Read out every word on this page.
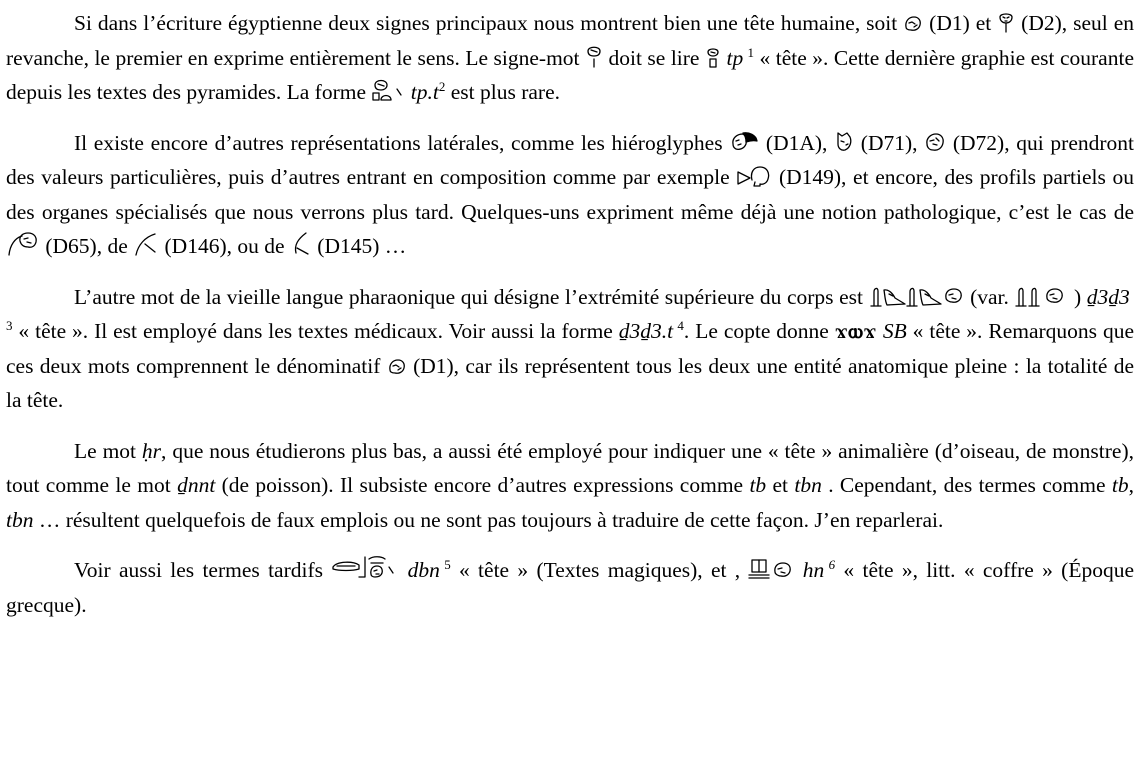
Si dans l’écriture égyptienne deux signes principaux nous montrent bien une tête humaine, soit  (D1) et  (D2), seul en revanche, le premier en exprime entièrement le sens. Le signe-mot  doit se lire  tp  $^1$ « tête ». Cette dernière graphie est courante depuis les textes des pyramides. La forme  $tp.t^2$ est plus rare.

Il existe encore d’autres représentations latérales, comme les hiéroglyphes  (D1A),  (D71),  (D72), qui prendront des valeurs particulières, puis d’autres entrant en composition comme par exemple  (D149), et encore, des profils partiels ou des organes spécialisés que nous verrons plus tard. Quelques-uns expriment même déjà une notion pathologique, c’est le cas de  (D65), de  (D146), ou de  (D145) …

L’autre mot de la vieille langue pharaonique qui désigne l’extrémité supérieure du corps est	(var.	) ḏ3ḏ3 $^3$ « tête ». Il est employé dans les textes médicaux. Voir aussi la forme ḏ3ḏ3.t  $^4$. Le copte donne ϫⲱϫ SB « tête ». Remarquons que ces deux mots comprennent le dénominatif  (D1), car ils représentent tous les deux une entité anatomique pleine : la totalité de la tête.

Le mot ḥr, que nous étudierons plus bas, a aussi été employé pour indiquer une « tête » animalière (d’oiseau, de monstre), tout comme le mot ḏnnt (de poisson). Il subsiste encore d’autres expressions comme tb et tbn . Cependant, des termes comme tb, tbn … résultent quelquefois de faux emplois ou ne sont pas toujours à traduire de cette façon. J’en reparlerai.

Voir aussi les termes tardifs	dbn  $^5$ « tête » (Textes magiques), et ,	hn  $^6$ « tête », litt. « coffre » (Époque grecque).
